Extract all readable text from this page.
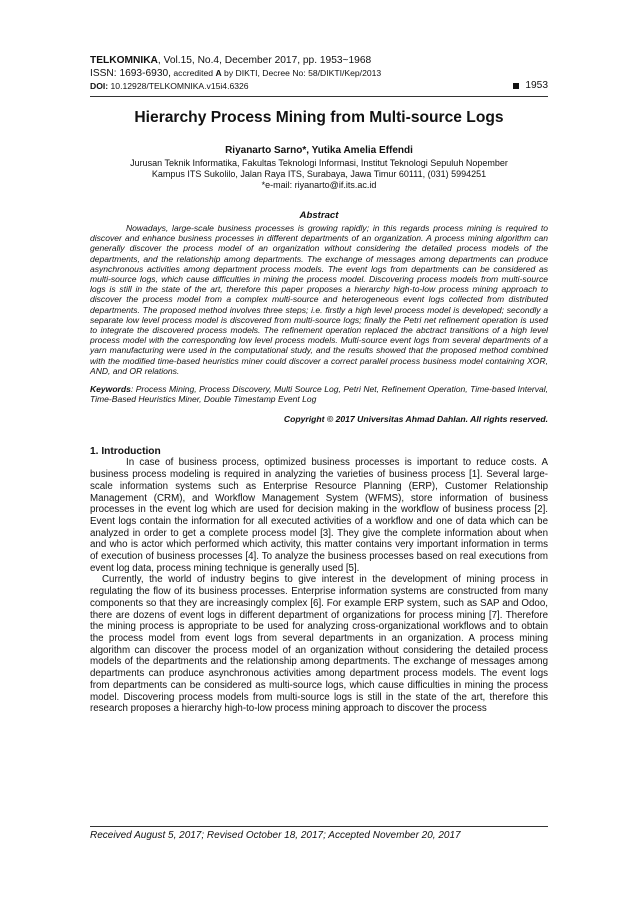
TELKOMNIKA, Vol.15, No.4, December 2017, pp. 1953~1968
ISSN: 1693-6930, accredited A by DIKTI, Decree No: 58/DIKTI/Kep/2013
DOI: 10.12928/TELKOMNIKA.v15i4.6326	1953
Hierarchy Process Mining from Multi-source Logs
Riyanarto Sarno*, Yutika Amelia Effendi
Jurusan Teknik Informatika, Fakultas Teknologi Informasi, Institut Teknologi Sepuluh Nopember
Kampus ITS Sukolilo, Jalan Raya ITS, Surabaya, Jawa Timur 60111, (031) 5994251
*e-mail: riyanarto@if.its.ac.id
Abstract
Nowadays, large-scale business processes is growing rapidly; in this regards process mining is required to discover and enhance business processes in different departments of an organization. A process mining algorithm can generally discover the process model of an organization without considering the detailed process models of the departments, and the relationship among departments. The exchange of messages among departments can produce asynchronous activities among department process models. The event logs from departments can be considered as multi-source logs, which cause difficulties in mining the process model. Discovering process models from multi-source logs is still in the state of the art, therefore this paper proposes a hierarchy high-to-low process mining approach to discover the process model from a complex multi-source and heterogeneous event logs collected from distributed departments. The proposed method involves three steps; i.e. firstly a high level process model is developed; secondly a separate low level process model is discovered from multi-source logs; finally the Petri net refinement operation is used to integrate the discovered process models. The refinement operation replaced the abctract transitions of a high level process model with the corresponding low level process models. Multi-source event logs from several departments of a yarn manufacturing were used in the computational study, and the results showed that the proposed method combined with the modified time-based heuristics miner could discover a correct parallel process business model containing XOR, AND, and OR relations.
Keywords: Process Mining, Process Discovery, Multi Source Log, Petri Net, Refinement Operation, Time-based Interval, Time-Based Heuristics Miner, Double Timestamp Event Log
Copyright © 2017 Universitas Ahmad Dahlan. All rights reserved.
1. Introduction

In case of business process, optimized business processes is important to reduce costs. A business process modeling is required in analyzing the varieties of business process [1]. Several large-scale information systems such as Enterprise Resource Planning (ERP), Customer Relationship Management (CRM), and Workflow Management System (WFMS), store information of business processes in the event log which are used for decision making in the workflow of business process [2]. Event logs contain the information for all executed activities of a workflow and one of data which can be analyzed in order to get a complete process model [3]. They give the complete information about when and who is actor which performed which activity, this matter contains very important information in terms of execution of business processes [4]. To analyze the business processes based on real executions from event log data, process mining technique is generally used [5].

Currently, the world of industry begins to give interest in the development of mining process in regulating the flow of its business processes. Enterprise information systems are constructed from many components so that they are increasingly complex [6]. For example ERP system, such as SAP and Odoo, there are dozens of event logs in different department of organizations for process mining [7]. Therefore the mining process is appropriate to be used for analyzing cross-organizational workflows and to obtain the process model from event logs from several departments in an organization. A process mining algorithm can discover the process model of an organization without considering the detailed process models of the departments and the relationship among departments. The exchange of messages among departments can produce asynchronous activities among department process models. The event logs from departments can be considered as multi-source logs, which cause difficulties in mining the process model. Discovering process models from multi-source logs is still in the state of the art, therefore this research proposes a hierarchy high-to-low process mining approach to discover the process

Received August 5, 2017; Revised October 18, 2017; Accepted November 20, 2017
